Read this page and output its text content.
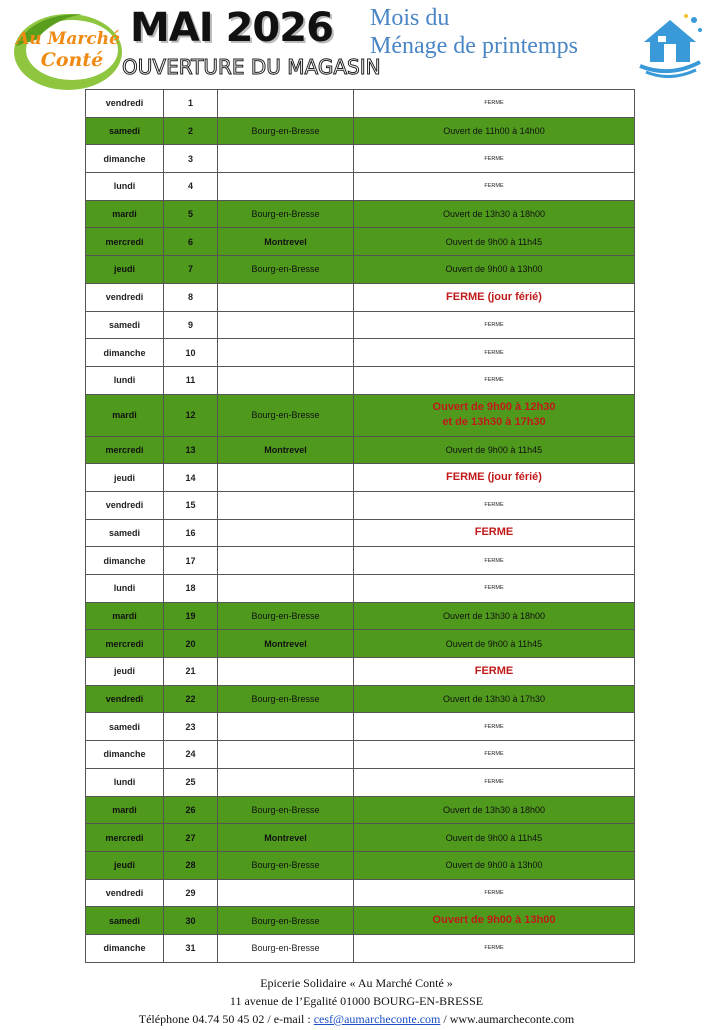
Au Marché
Conté
MAI 2026
OUVERTURE DU MAGASIN
Mois du
Ménage de printemps
vendredi	1		FERME

samedi	2	Bourg-en-Bresse	Ouvert de 11h00 à 14h00

dimanche	3		FERME

lundi	4		FERME

mardi	5	Bourg-en-Bresse	Ouvert de 13h30 à 18h00

mercredi	6	Montrevel	Ouvert de 9h00 à 11h45

jeudi	7	Bourg-en-Bresse	Ouvert de 9h00 à 13h00

vendredi	8		FERME (jour férié)

samedi	9		FERME

dimanche	10		FERME

lundi	11		FERME

mardi	12	Bourg-en-Bresse	Ouvert de 9h00 à 12h30
et de 13h30 à 17h30

mercredi	13	Montrevel	Ouvert de 9h00 à 11h45

jeudi	14		FERME (jour férié)

vendredi	15		FERME

samedi	16		FERME

dimanche	17		FERME

lundi	18		FERME

mardi	19	Bourg-en-Bresse	Ouvert de 13h30 à 18h00

mercredi	20	Montrevel	Ouvert de 9h00 à 11h45

jeudi	21		FERME

vendredi	22	Bourg-en-Bresse	Ouvert de 13h30 à 17h30

samedi	23		FERME

dimanche	24		FERME

lundi	25		FERME

mardi	26	Bourg-en-Bresse	Ouvert de 13h30 à 18h00

mercredi	27	Montrevel	Ouvert de 9h00 à 11h45

jeudi	28	Bourg-en-Bresse	Ouvert de 9h00 à 13h00

vendredi	29		FERME

samedi	30	Bourg-en-Bresse	Ouvert de 9h00 à 13h00

dimanche	31	Bourg-en-Bresse	FERME
Epicerie Solidaire « Au Marché Conté »
11 avenue de l’Egalité 01000 BOURG-EN-BRESSE
Téléphone 04.74 50 45 02 / e-mail : cesf@aumarcheconte.com / www.aumarcheconte.com
